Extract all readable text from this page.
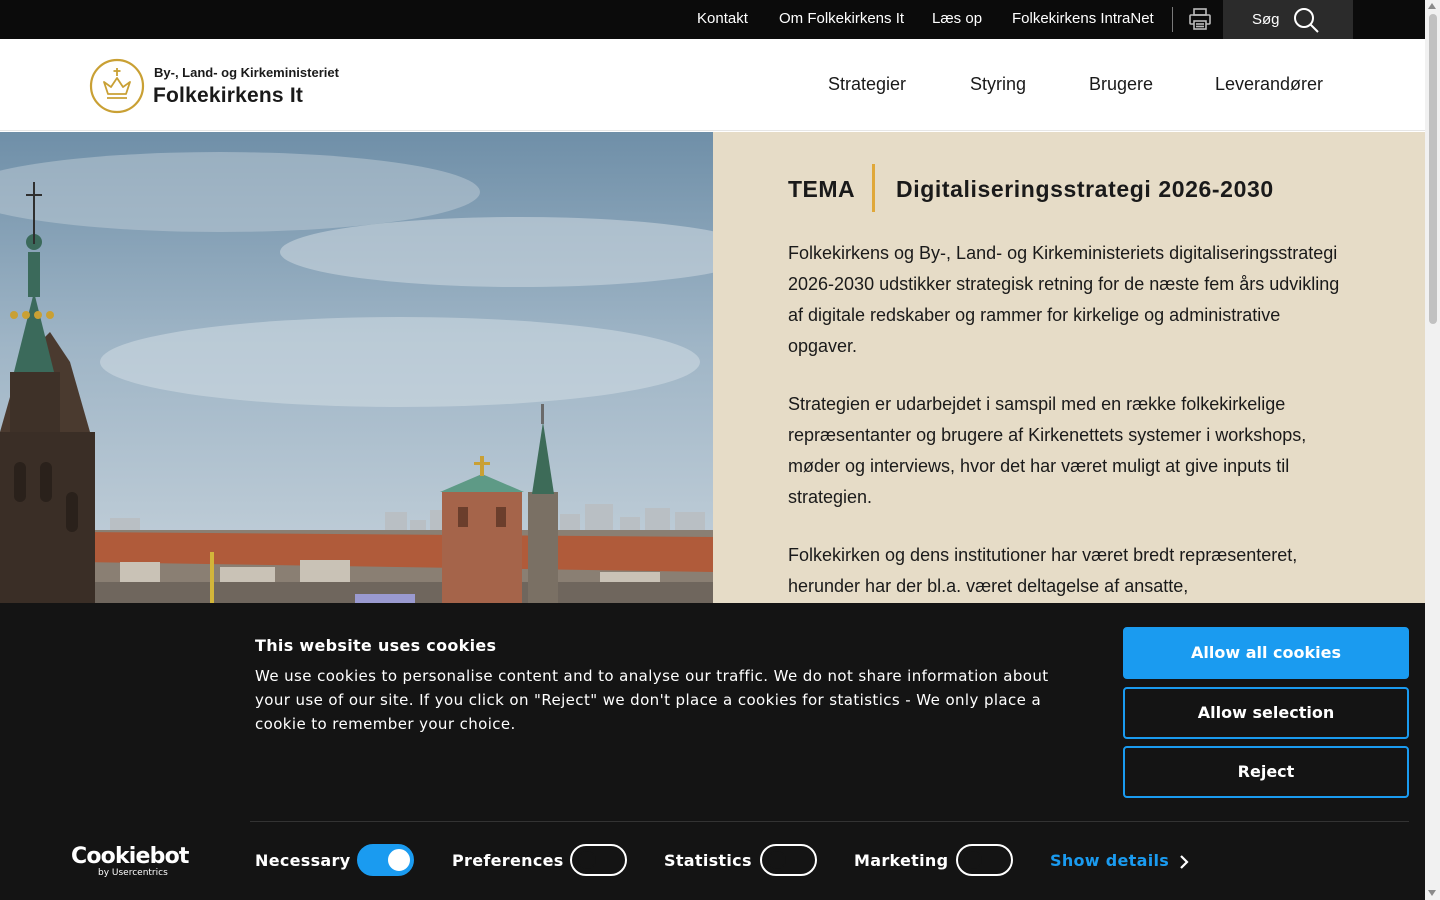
Kontakt Om Folkekirkens It Læs op Folkekirkens IntraNet	Søg
By-, Land- og Kirkeministeriet
Folkekirkens It	Strategier	Styring	Brugere	Leverandører
TEMA Digitaliseringsstrategi 2026-2030

Folkekirkens og By-, Land- og Kirkeministeriets digitaliseringsstrategi 2026-2030 udstikker strategisk retning for de næste fem års udvikling af digitale redskaber og rammer for kirkelige og administrative opgaver.

Strategien er udarbejdet i samspil med en række folkekirkelige repræsentanter og brugere af Kirkenettets systemer i workshops, møder og interviews, hvor det har været muligt at give inputs til strategien.

Folkekirken og dens institutioner har været bredt repræsenteret, herunder har der bl.a. været deltagelse af ansatte,

This website uses cookies
We use cookies to personalise content and to analyse our traffic. We do not share information about your use of our site. If you click on "Reject" we don't place a cookies for statistics - We only place a cookie to remember your choice.
Allow all cookies
Allow selection
Reject
Cookiebot
by Usercentrics
Necessary	Preferences	Statistics	Marketing	Show details
